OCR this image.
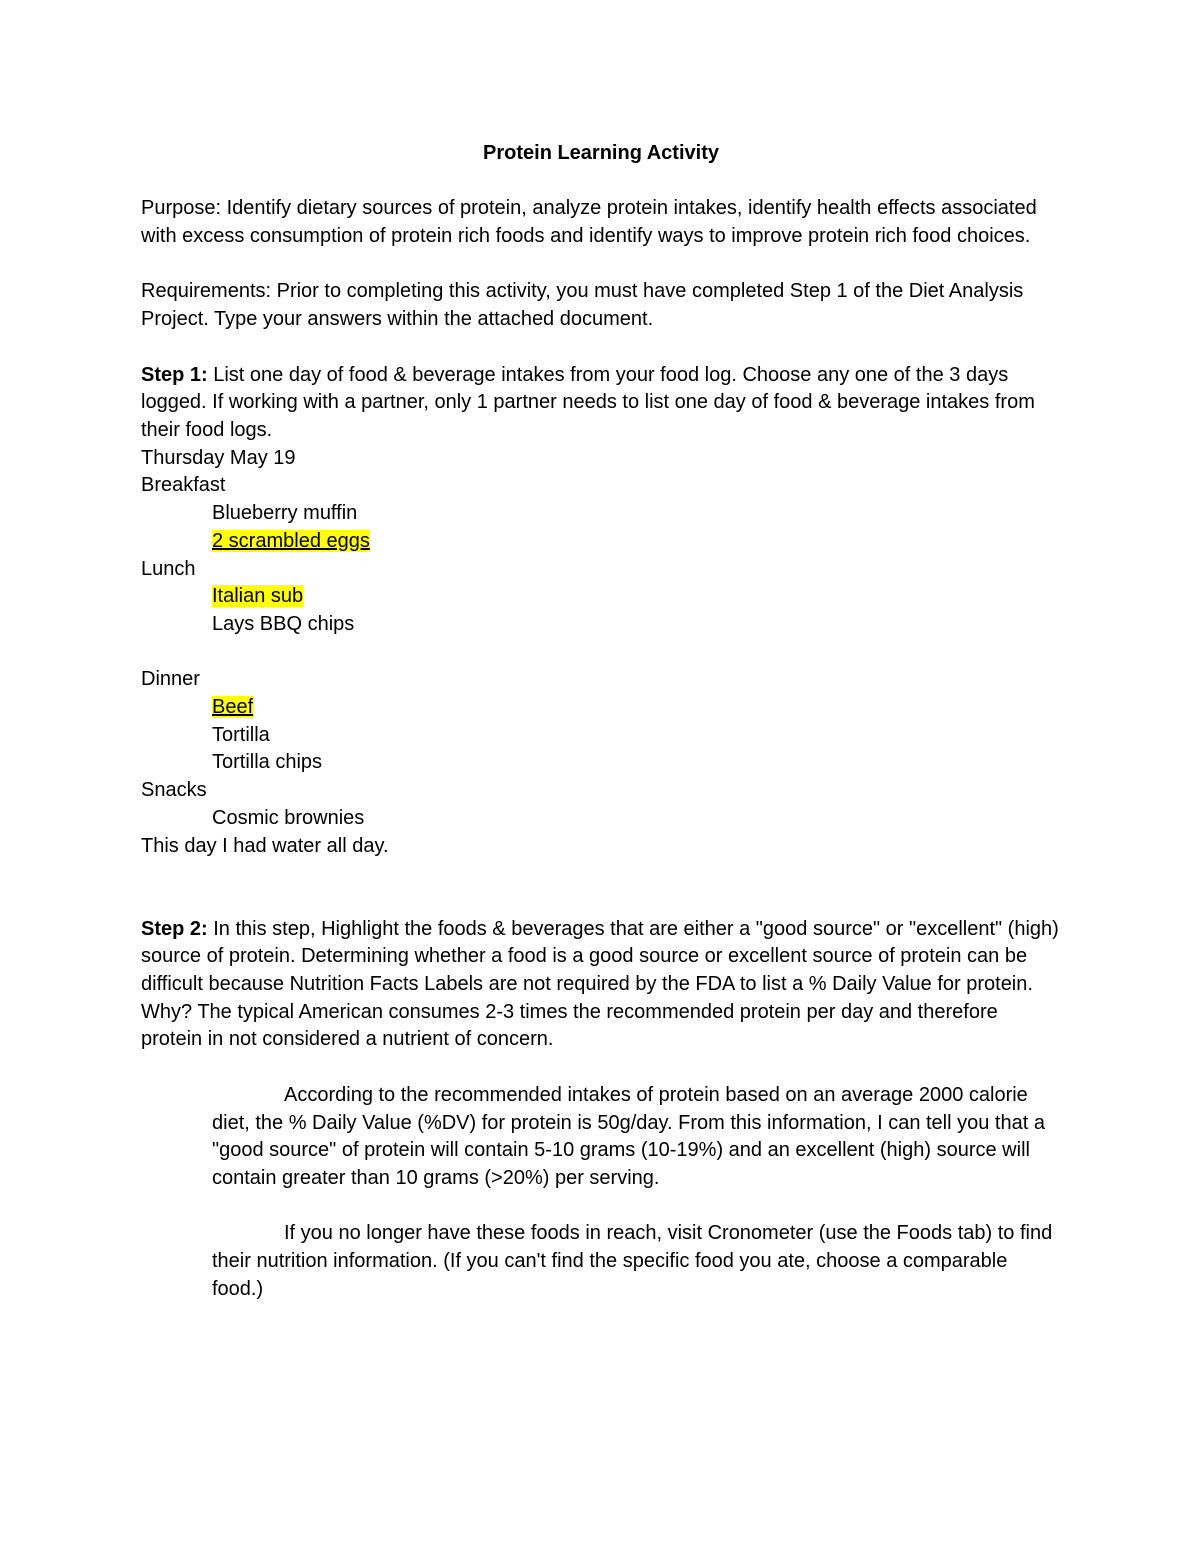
Protein Learning Activity

Purpose: Identify dietary sources of protein, analyze protein intakes, identify health effects associated with excess consumption of protein rich foods and identify ways to improve protein rich food choices.

Requirements: Prior to completing this activity, you must have completed Step 1 of the Diet Analysis Project. Type your answers within the attached document.

Step 1: List one day of food & beverage intakes from your food log. Choose any one of the 3 days logged. If working with a partner, only 1 partner needs to list one day of food & beverage intakes from their food logs.

Thursday May 19

Breakfast

Blueberry muffin

2 scrambled eggs

Lunch

Italian sub

Lays BBQ chips

Dinner

Beef

Tortilla

Tortilla chips

Snacks

Cosmic brownies

This day I had water all day.

Step 2: In this step, Highlight the foods & beverages that are either a "good source" or "excellent" (high) source of protein. Determining whether a food is a good source or excellent source of protein can be difficult because Nutrition Facts Labels are not required by the FDA to list a % Daily Value for protein. Why? The typical American consumes 2-3 times the recommended protein per day and therefore protein in not considered a nutrient of concern.

According to the recommended intakes of protein based on an average 2000 calorie diet, the % Daily Value (%DV) for protein is 50g/day. From this information, I can tell you that a "good source" of protein will contain 5-10 grams (10-19%) and an excellent (high) source will contain greater than 10 grams (>20%) per serving.

If you no longer have these foods in reach, visit Cronometer (use the Foods tab) to find their nutrition information. (If you can't find the specific food you ate, choose a comparable food.)
